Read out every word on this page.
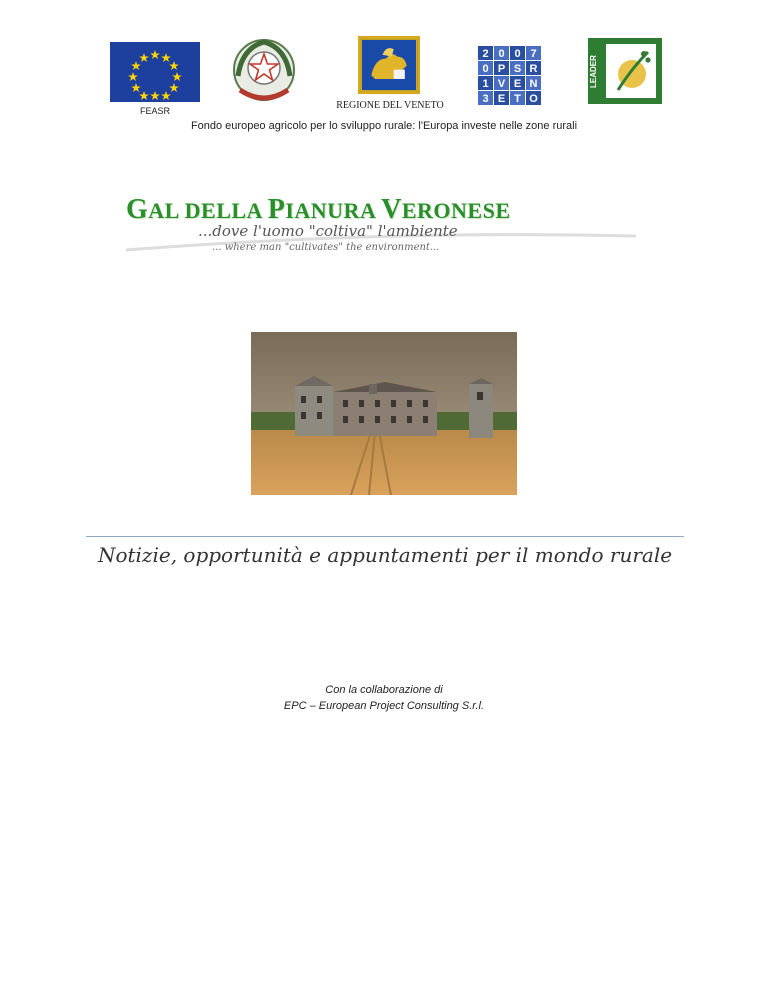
FEASR	REGIONE DEL VENETO
2 0 0 7
0 P S R
1 V E N
3 E T O
LEADER
Fondo europeo agricolo per lo sviluppo rurale: l'Europa investe nelle zone rurali
GAL DELLA PIANURA VERONESE
...dove l'uomo "coltiva" l'ambiente
... where man "cultivates" the environment...
Notizie, opportunità e appuntamenti per il mondo rurale
Con la collaborazione di
EPC – European Project Consulting S.r.l.
